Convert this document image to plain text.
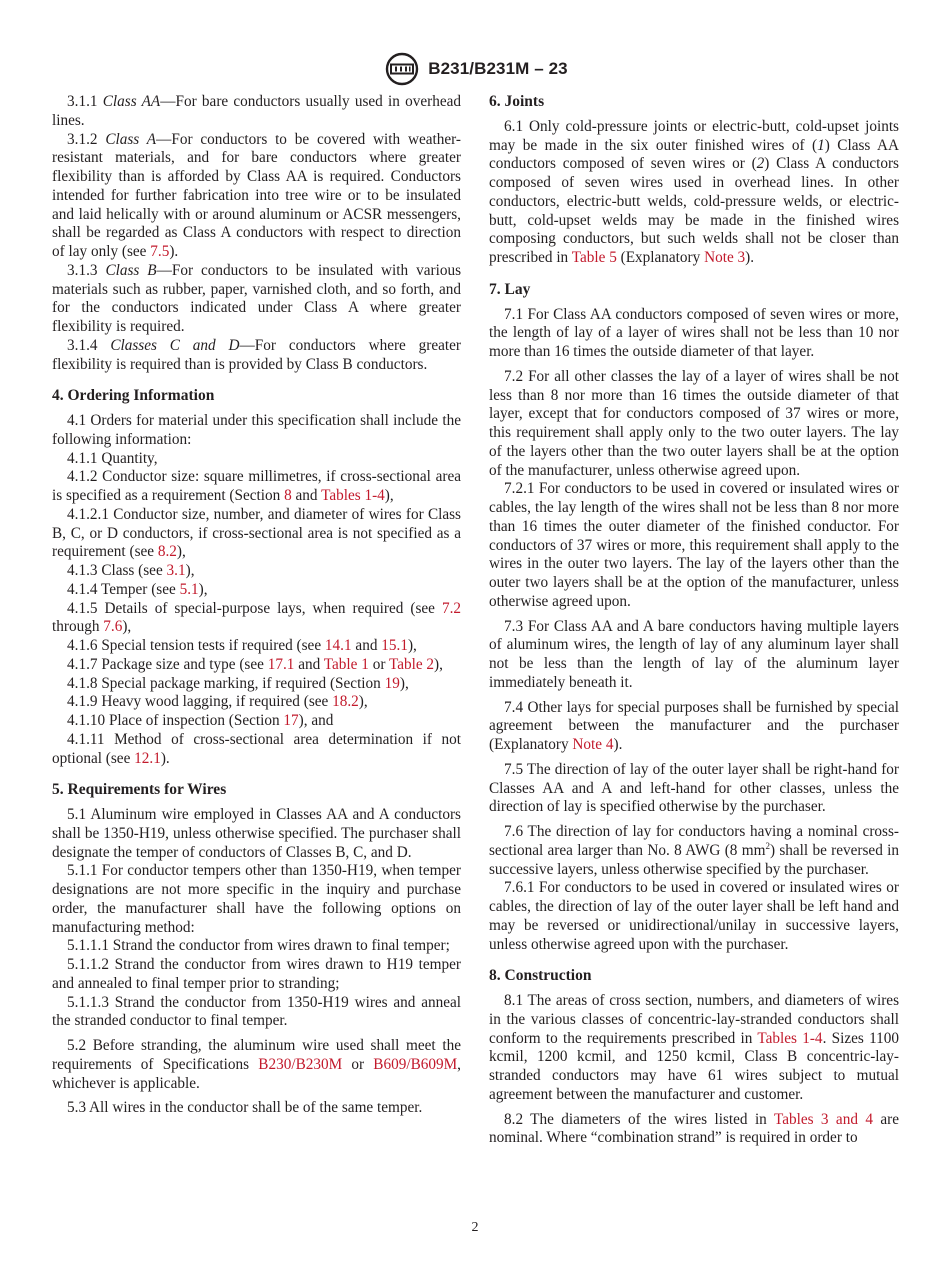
B231/B231M – 23

3.1.1 Class AA—For bare conductors usually used in overhead lines.

3.1.2 Class A—For conductors to be covered with weather-resistant materials, and for bare conductors where greater flexibility than is afforded by Class AA is required. Conductors intended for further fabrication into tree wire or to be insulated and laid helically with or around aluminum or ACSR messengers, shall be regarded as Class A conductors with respect to direction of lay only (see 7.5).

3.1.3 Class B—For conductors to be insulated with various materials such as rubber, paper, varnished cloth, and so forth, and for the conductors indicated under Class A where greater flexibility is required.

3.1.4 Classes C and D—For conductors where greater flexibility is required than is provided by Class B conductors.

4. Ordering Information

4.1 Orders for material under this specification shall include the following information:

4.1.1 Quantity,

4.1.2 Conductor size: square millimetres, if cross-sectional area is specified as a requirement (Section 8 and Tables 1-4),

4.1.2.1 Conductor size, number, and diameter of wires for Class B, C, or D conductors, if cross-sectional area is not specified as a requirement (see 8.2),

4.1.3 Class (see 3.1),

4.1.4 Temper (see 5.1),

4.1.5 Details of special-purpose lays, when required (see 7.2 through 7.6),

4.1.6 Special tension tests if required (see 14.1 and 15.1),

4.1.7 Package size and type (see 17.1 and Table 1 or Table 2),

4.1.8 Special package marking, if required (Section 19),

4.1.9 Heavy wood lagging, if required (see 18.2),

4.1.10 Place of inspection (Section 17), and

4.1.11 Method of cross-sectional area determination if not optional (see 12.1).

5. Requirements for Wires

5.1 Aluminum wire employed in Classes AA and A conductors shall be 1350-H19, unless otherwise specified. The purchaser shall designate the temper of conductors of Classes B, C, and D.

5.1.1 For conductor tempers other than 1350-H19, when temper designations are not more specific in the inquiry and purchase order, the manufacturer shall have the following options on manufacturing method:

5.1.1.1 Strand the conductor from wires drawn to final temper;

5.1.1.2 Strand the conductor from wires drawn to H19 temper and annealed to final temper prior to stranding;

5.1.1.3 Strand the conductor from 1350-H19 wires and anneal the stranded conductor to final temper.

5.2 Before stranding, the aluminum wire used shall meet the requirements of Specifications B230/B230M or B609/B609M, whichever is applicable.

5.3 All wires in the conductor shall be of the same temper.

6. Joints

6.1 Only cold-pressure joints or electric-butt, cold-upset joints may be made in the six outer finished wires of (1) Class AA conductors composed of seven wires or (2) Class A conductors composed of seven wires used in overhead lines. In other conductors, electric-butt welds, cold-pressure welds, or electric-butt, cold-upset welds may be made in the finished wires composing conductors, but such welds shall not be closer than prescribed in Table 5 (Explanatory Note 3).

7. Lay

7.1 For Class AA conductors composed of seven wires or more, the length of lay of a layer of wires shall not be less than 10 nor more than 16 times the outside diameter of that layer.

7.2 For all other classes the lay of a layer of wires shall be not less than 8 nor more than 16 times the outside diameter of that layer, except that for conductors composed of 37 wires or more, this requirement shall apply only to the two outer layers. The lay of the layers other than the two outer layers shall be at the option of the manufacturer, unless otherwise agreed upon.

7.2.1 For conductors to be used in covered or insulated wires or cables, the lay length of the wires shall not be less than 8 nor more than 16 times the outer diameter of the finished conductor. For conductors of 37 wires or more, this requirement shall apply to the wires in the outer two layers. The lay of the layers other than the outer two layers shall be at the option of the manufacturer, unless otherwise agreed upon.

7.3 For Class AA and A bare conductors having multiple layers of aluminum wires, the length of lay of any aluminum layer shall not be less than the length of lay of the aluminum layer immediately beneath it.

7.4 Other lays for special purposes shall be furnished by special agreement between the manufacturer and the purchaser (Explanatory Note 4).

7.5 The direction of lay of the outer layer shall be right-hand for Classes AA and A and left-hand for other classes, unless the direction of lay is specified otherwise by the purchaser.

7.6 The direction of lay for conductors having a nominal cross-sectional area larger than No. 8 AWG (8 $mm^2$) shall be reversed in successive layers, unless otherwise specified by the purchaser.

7.6.1 For conductors to be used in covered or insulated wires or cables, the direction of lay of the outer layer shall be left hand and may be reversed or unidirectional/unilay in successive layers, unless otherwise agreed upon with the purchaser.

8. Construction

8.1 The areas of cross section, numbers, and diameters of wires in the various classes of concentric-lay-stranded conductors shall conform to the requirements prescribed in Tables 1-4. Sizes 1100 kcmil, 1200 kcmil, and 1250 kcmil, Class B concentric-lay-stranded conductors may have 61 wires subject to mutual agreement between the manufacturer and customer.

8.2 The diameters of the wires listed in Tables 3 and 4 are nominal. Where “combination strand” is required in order to

2
